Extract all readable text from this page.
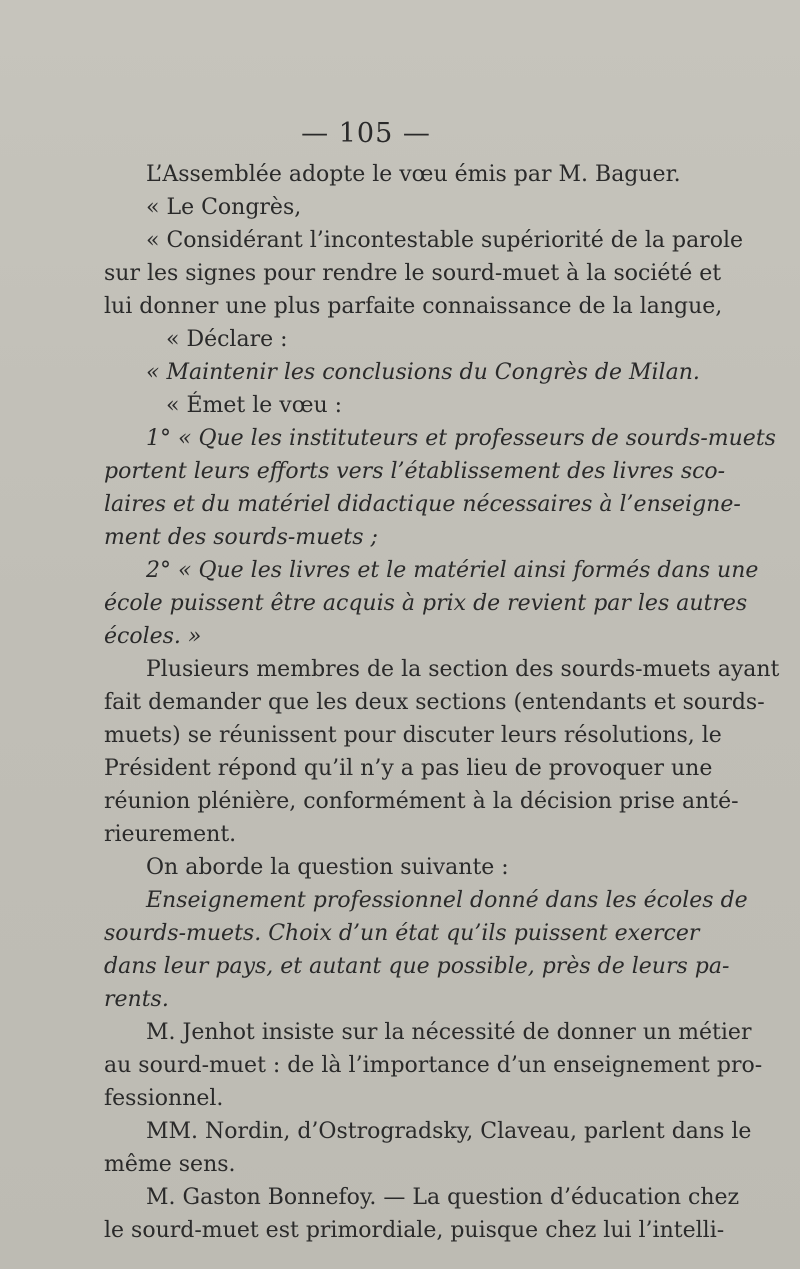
— 105 —
L’Assemblée adopte le vœu émis par M. Baguer.
« Le Congrès,
« Considérant l’incontestable supériorité de la parole
sur les signes pour rendre le sourd-muet à la société et
lui donner une plus parfaite connaissance de la langue,
« Déclare :
« Maintenir les conclusions du Congrès de Milan.
« Émet le vœu :
1° « Que les instituteurs et professeurs de sourds-muets
portent leurs efforts vers l’établissement des livres sco-
laires et du matériel didactique nécessaires à l’enseigne-
ment des sourds-muets ;
2° « Que les livres et le matériel ainsi formés dans une
école puissent être acquis à prix de revient par les autres
écoles. »
Plusieurs membres de la section des sourds-muets ayant
fait demander que les deux sections (entendants et sourds-
muets) se réunissent pour discuter leurs résolutions, le
Président répond qu’il n’y a pas lieu de provoquer une
réunion plénière, conformément à la décision prise anté-
rieurement.
On aborde la question suivante :
Enseignement professionnel donné dans les écoles de
sourds-muets. Choix d’un état qu’ils puissent exercer
dans leur pays, et autant que possible, près de leurs pa-
rents.
M. Jenhot insiste sur la nécessité de donner un métier
au sourd-muet : de là l’importance d’un enseignement pro-
fessionnel.
MM. Nordin, d’Ostrogradsky, Claveau, parlent dans le
même sens.
M. Gaston Bonnefoy. — La question d’éducation chez
le sourd-muet est primordiale, puisque chez lui l’intelli-
